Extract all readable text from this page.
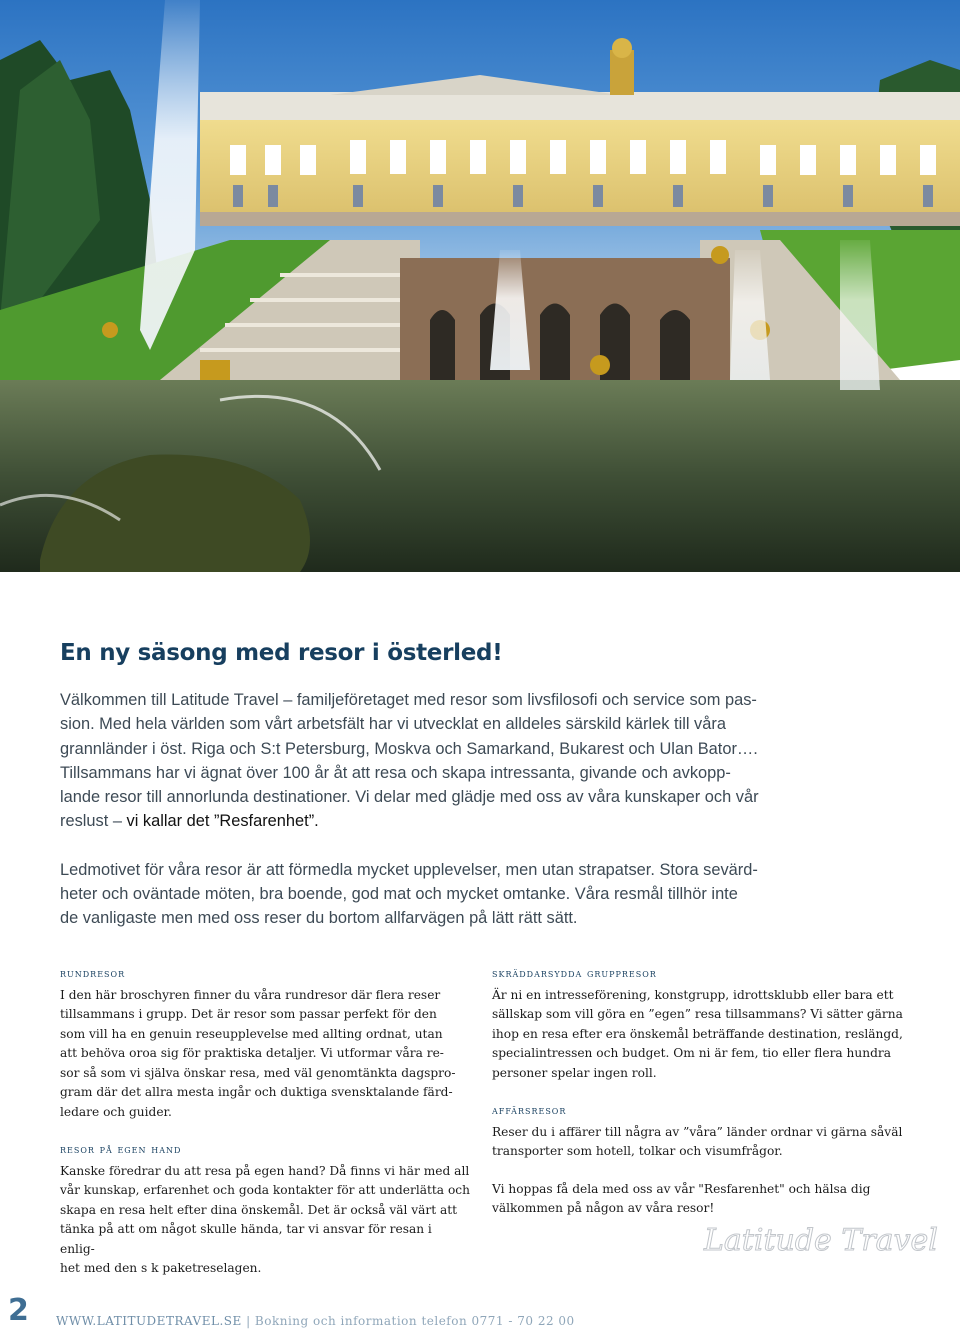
En ny säsong med resor i österled!

Välkommen till Latitude Travel – familjeföretaget med resor som livsfilosofi och service som pas-
sion. Med hela världen som vårt arbetsfält har vi utvecklat en alldeles särskild kärlek till våra
grannländer i öst. Riga och S:t Petersburg, Moskva och Samarkand, Bukarest och Ulan Bator….
Tillsammans har vi ägnat över 100 år åt att resa och skapa intressanta, givande och avkopp-
lande resor till annorlunda destinationer. Vi delar med glädje med oss av våra kunskaper och vår
reslust – vi kallar det ”Resfarenhet”.

Ledmotivet för våra resor är att förmedla mycket upplevelser, men utan strapatser. Stora sevärd-
heter och oväntade möten, bra boende, god mat och mycket omtanke. Våra resmål tillhör inte
de vanligaste men med oss reser du bortom allfarvägen på lätt rätt sätt.

rundresor
I den här broschyren finner du våra rundresor där flera reser
tillsammans i grupp. Det är resor som passar perfekt för den
som vill ha en genuin reseupplevelse med allting ordnat, utan
att behöva oroa sig för praktiska detaljer. Vi utformar våra re-
sor så som vi själva önskar resa, med väl genomtänkta dagspro-
gram där det allra mesta ingår och duktiga svensktalande färd-
ledare och guider.
resor på egen hand
Kanske föredrar du att resa på egen hand? Då finns vi här med all
vår kunskap, erfarenhet och goda kontakter för att underlätta och
skapa en resa helt efter dina önskemål. Det är också väl värt att
tänka på att om något skulle hända, tar vi ansvar för resan i enlig-
het med den s k paketreselagen.
skräddarsydda gruppresor
Är ni en intresseförening, konstgrupp, idrottsklubb eller bara ett
sällskap som vill göra en ”egen” resa tillsammans? Vi sätter gärna
ihop en resa efter era önskemål beträffande destination, reslängd,
specialintressen och budget. Om ni är fem, tio eller flera hundra
personer spelar ingen roll.
affärsresor
Reser du i affärer till några av ”våra” länder ordnar vi gärna såväl
transporter som hotell, tolkar och visumfrågor.
Vi hoppas få dela med oss av vår "Resfarenhet" och hälsa dig
välkommen på någon av våra resor!
Latitude Travel
2 WWW.LATITUDETRAVEL.SE | Bokning och information telefon 0771 - 70 22 00
